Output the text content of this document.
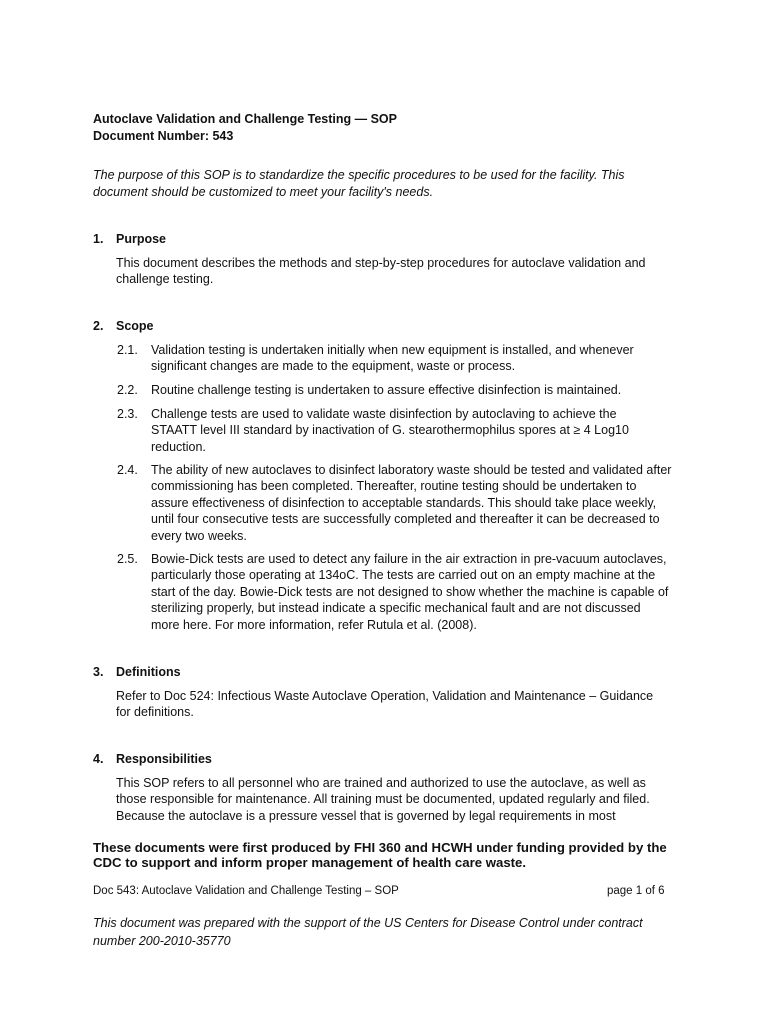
Autoclave Validation and Challenge Testing — SOP
Document Number: 543
The purpose of this SOP is to standardize the specific procedures to be used for the facility. This document should be customized to meet your facility's needs.
1.	Purpose
This document describes the methods and step-by-step procedures for autoclave validation and challenge testing.
2.	Scope
2.1. Validation testing is undertaken initially when new equipment is installed, and whenever significant changes are made to the equipment, waste or process.
2.2. Routine challenge testing is undertaken to assure effective disinfection is maintained.
2.3. Challenge tests are used to validate waste disinfection by autoclaving to achieve the STAATT level III standard by inactivation of G. stearothermophilus spores at ≥ 4 Log10 reduction.
2.4. The ability of new autoclaves to disinfect laboratory waste should be tested and validated after commissioning has been completed. Thereafter, routine testing should be undertaken to assure effectiveness of disinfection to acceptable standards. This should take place weekly, until four consecutive tests are successfully completed and thereafter it can be decreased to every two weeks.
2.5. Bowie-Dick tests are used to detect any failure in the air extraction in pre-vacuum autoclaves, particularly those operating at 134oC. The tests are carried out on an empty machine at the start of the day. Bowie-Dick tests are not designed to show whether the machine is capable of sterilizing properly, but instead indicate a specific mechanical fault and are not discussed more here. For more information, refer Rutula et al. (2008).
3.	Definitions
Refer to Doc 524: Infectious Waste Autoclave Operation, Validation and Maintenance – Guidance for definitions.
4.	Responsibilities
This SOP refers to all personnel who are trained and authorized to use the autoclave, as well as those responsible for maintenance. All training must be documented, updated regularly and filed. Because the autoclave is a pressure vessel that is governed by legal requirements in most
These documents were first produced by FHI 360 and HCWH under funding provided by the CDC to support and inform proper management of health care waste.
Doc 543: Autoclave Validation and Challenge Testing – SOP	page 1 of 6
This document was prepared with the support of the US Centers for Disease Control under contract number 200-2010-35770
